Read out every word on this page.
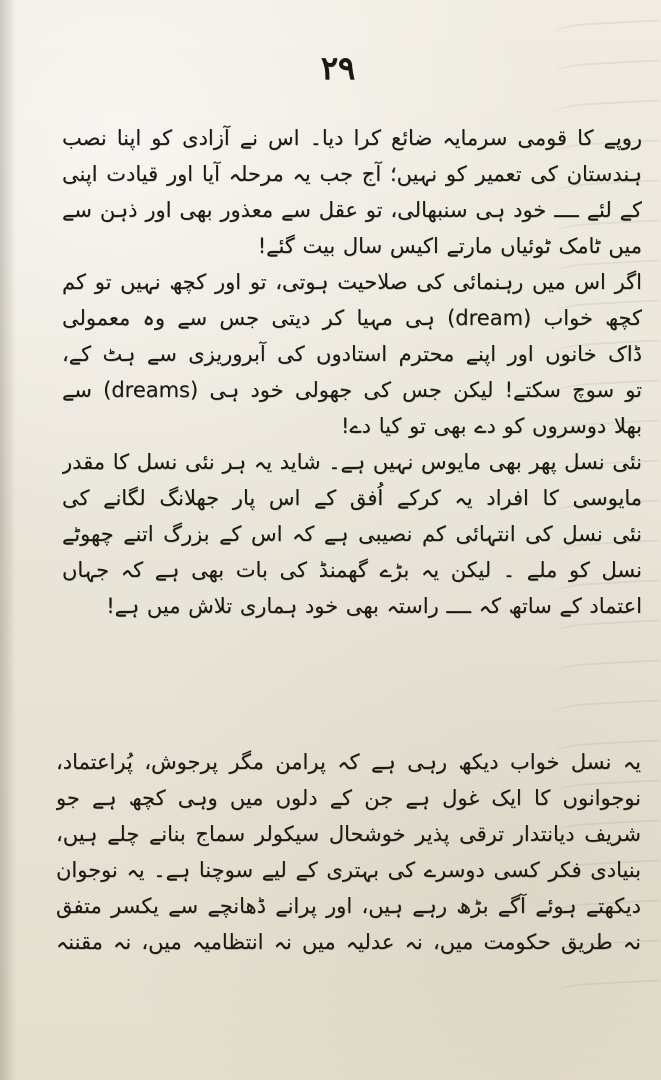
۲۹
روپے کا قومی سرمایہ ضائع کرا دیا۔ اس نے آزادی کو اپنا نصب
ہندستان کی تعمیر کو نہیں؛ آج جب یہ مرحلہ آیا اور قیادت اپنی
کے لئے ــــ خود ہی سنبھالی، تو عقل سے معذور بھی اور ذہن سے
میں ٹامک ٹوئیاں مارتے اکیس سال بیت گئے!
اگر اس میں رہنمائی کی صلاحیت ہوتی، تو اور کچھ نہیں تو کم
کچھ خواب (dream) ہی مہیا کر دیتی جس سے وہ معمولی
ڈاک خانوں اور اپنے محترم استادوں کی آبروریزی سے ہٹ کے،
تو سوچ سکتے! لیکن جس کی جھولی خود ہی (dreams) سے
بھلا دوسروں کو دے بھی تو کیا دے!
نئی نسل پھر بھی مایوس نہیں ہے۔ شاید یہ ہر نئی نسل کا مقدر
مایوسی کا افراد یہ کرکے اُفق کے اس پار جھلانگ لگانے کی
نئی نسل کی انتہائی کم نصیبی ہے کہ اس کے بزرگ اتنے چھوٹے
نسل کو ملے ۔ لیکن یہ بڑے گھمنڈ کی بات بھی ہے کہ جہاں
اعتماد کے ساتھ کہ ــــ راستہ بھی خود ہماری تلاش میں ہے!
یہ نسل خواب دیکھ رہی ہے کہ پرامن مگر پرجوش، پُراعتماد،
نوجوانوں کا ایک غول ہے جن کے دلوں میں وہی کچھ ہے جو
شریف دیانتدار ترقی پذیر خوشحال سیکولر سماج بنانے چلے ہیں،
بنیادی فکر کسی دوسرے کی بہتری کے لیے سوچنا ہے۔ یہ نوجوان
دیکھتے ہوئے آگے بڑھ رہے ہیں، اور پرانے ڈھانچے سے یکسر متفق
نہ طریق حکومت میں، نہ عدلیہ میں نہ انتظامیہ میں، نہ مقننہ
